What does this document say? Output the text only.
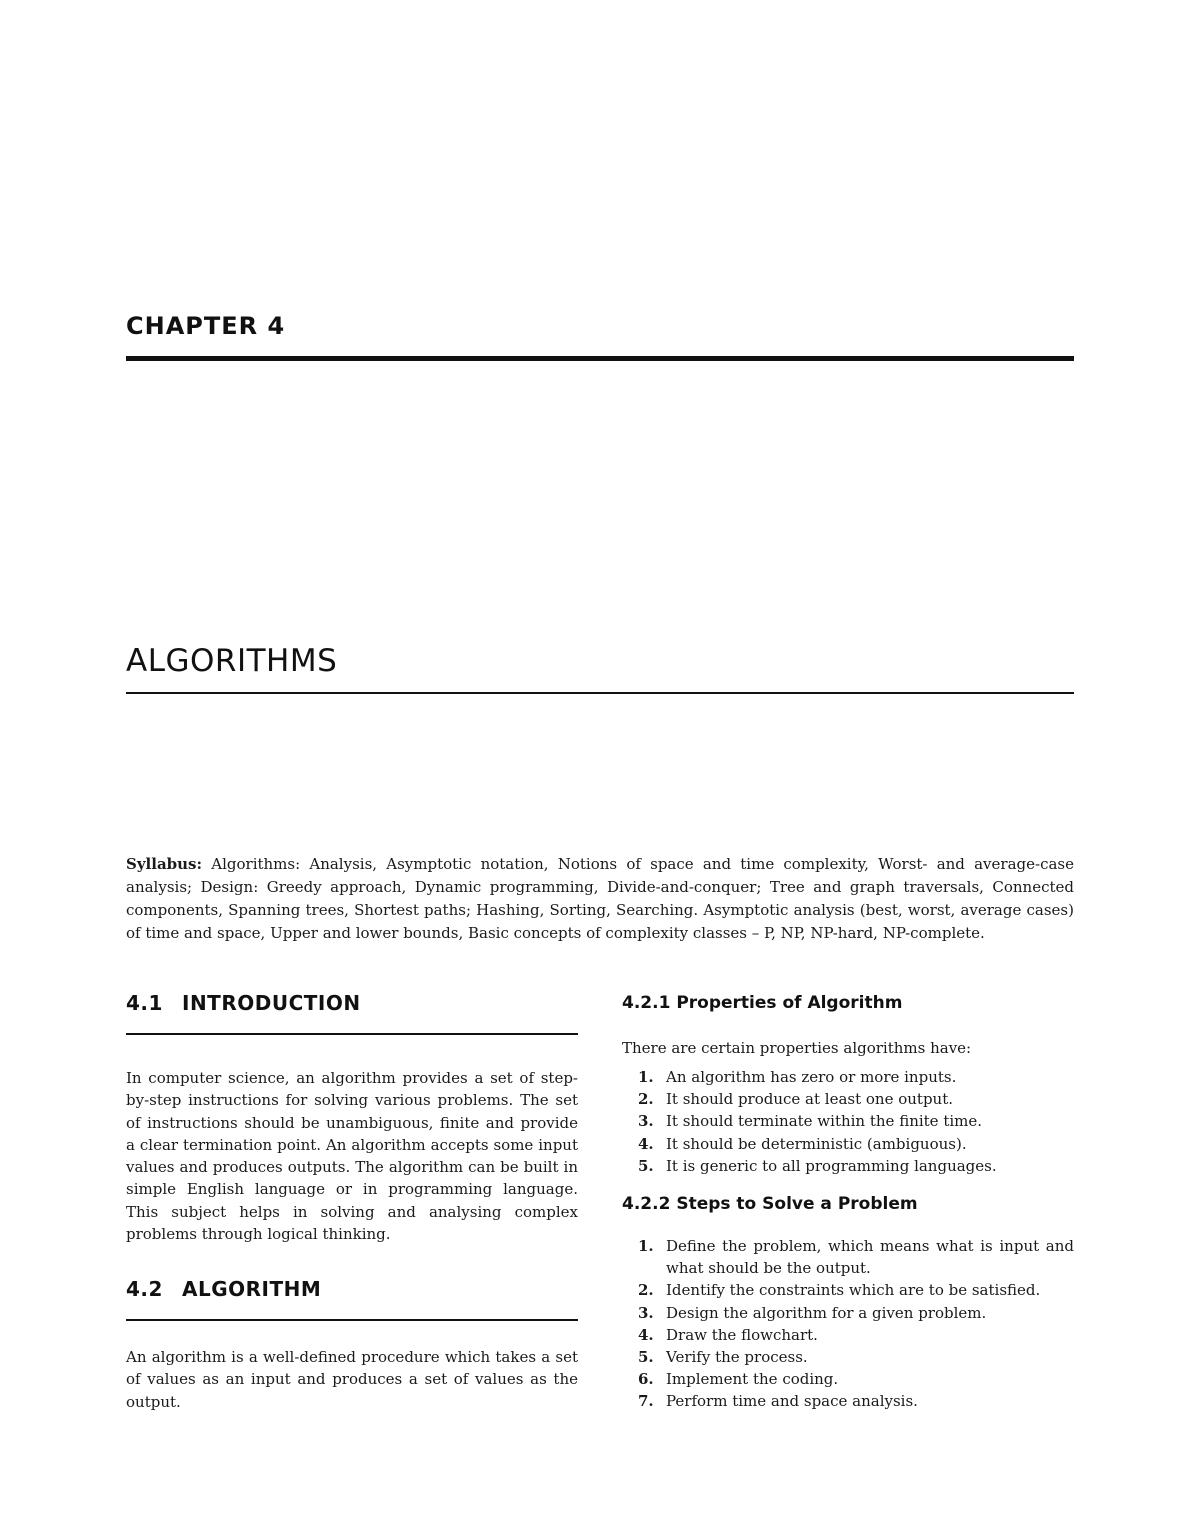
CHAPTER 4
ALGORITHMS

Syllabus: Algorithms: Analysis, Asymptotic notation, Notions of space and time complexity, Worst- and average-case analysis; Design: Greedy approach, Dynamic programming, Divide-and-conquer; Tree and graph traversals, Connected components, Spanning trees, Shortest paths; Hashing, Sorting, Searching. Asymptotic analysis (best, worst, average cases) of time and space, Upper and lower bounds, Basic concepts of complexity classes – P, NP, NP-hard, NP-complete.

4.1 INTRODUCTION

In computer science, an algorithm provides a set of step-by-step instructions for solving various problems. The set of instructions should be unambiguous, finite and provide a clear termination point. An algorithm accepts some input values and produces outputs. The algorithm can be built in simple English language or in programming language. This subject helps in solving and analysing complex problems through logical thinking.

4.2 ALGORITHM

An algorithm is a well-defined procedure which takes a set of values as an input and produces a set of values as the output.

4.2.1 Properties of Algorithm

There are certain properties algorithms have:

1. An algorithm has zero or more inputs.
2. It should produce at least one output.
3. It should terminate within the finite time.
4. It should be deterministic (ambiguous).
5. It is generic to all programming languages.
4.2.2 Steps to Solve a Problem
1. Define the problem, which means what is input and what should be the output.
2. Identify the constraints which are to be satisfied.
3. Design the algorithm for a given problem.
4. Draw the flowchart.
5. Verify the process.
6. Implement the coding.
7. Perform time and space analysis.
